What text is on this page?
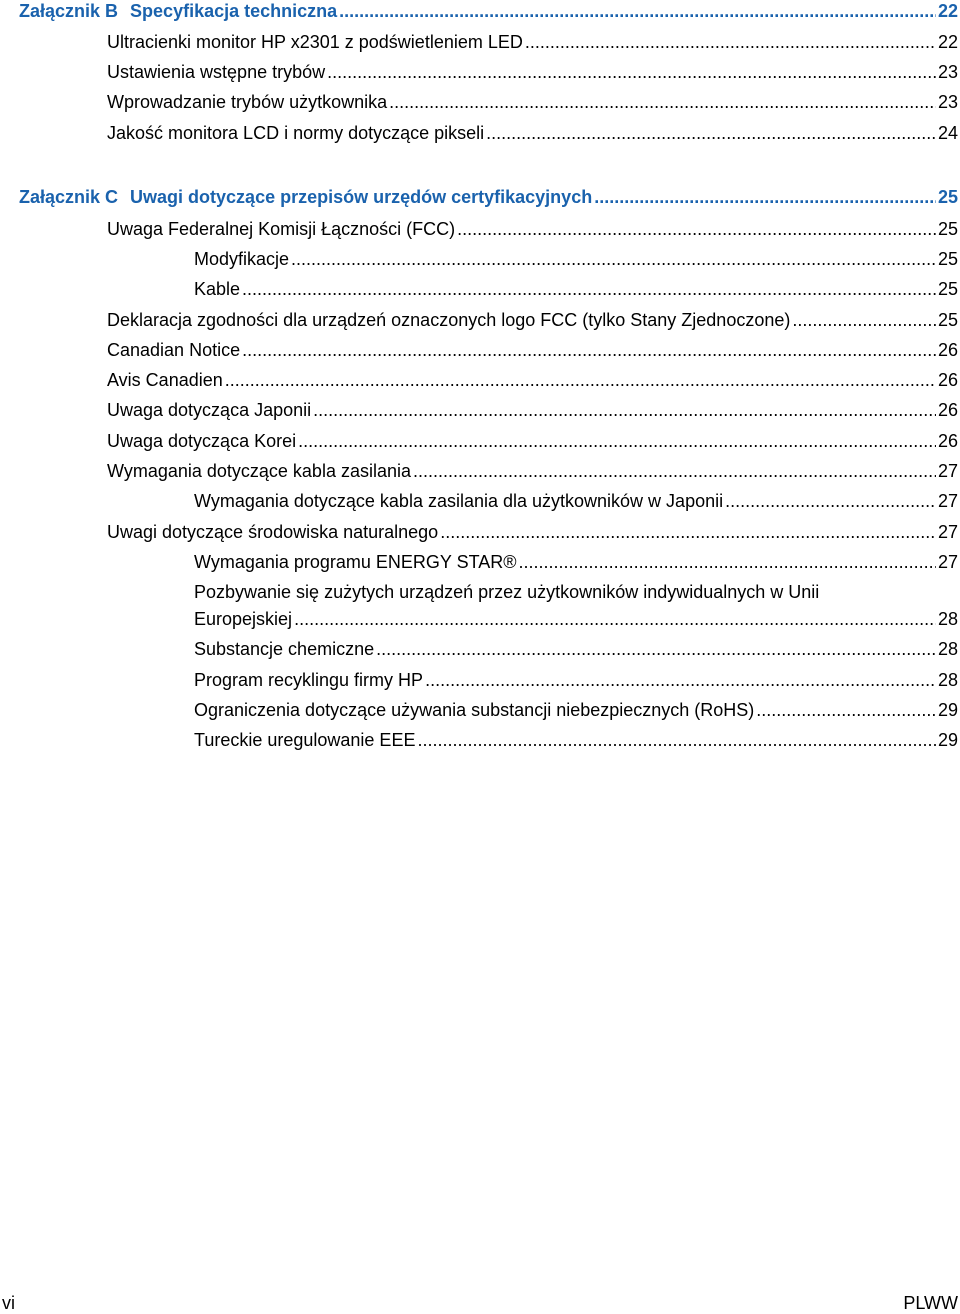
Załącznik B Specyfikacja techniczna .....	22
Ultracienki monitor HP x2301 z podświetleniem LED .....	22
Ustawienia wstępne trybów .....	23
Wprowadzanie trybów użytkownika .....	23
Jakość monitora LCD i normy dotyczące pikseli .....	24
Załącznik C Uwagi dotyczące przepisów urzędów certyfikacyjnych .....	25
Uwaga Federalnej Komisji Łączności (FCC) .....	25
Modyfikacje .....	25
Kable .....	25
Deklaracja zgodności dla urządzeń oznaczonych logo FCC (tylko Stany Zjednoczone) .....	25
Canadian Notice .....	26
Avis Canadien .....	26
Uwaga dotycząca Japonii .....	26
Uwaga dotycząca Korei .....	26
Wymagania dotyczące kabla zasilania .....	27
Wymagania dotyczące kabla zasilania dla użytkowników w Japonii .....	27
Uwagi dotyczące środowiska naturalnego .....	27
Wymagania programu ENERGY STAR® .....	27
Pozbywanie się zużytych urządzeń przez użytkowników indywidualnych w Unii
Europejskiej .....	28
Substancje chemiczne .....	28
Program recyklingu firmy HP .....	28
Ograniczenia dotyczące używania substancji niebezpiecznych (RoHS) .....	29
Tureckie uregulowanie EEE .....	29
vi	PLWW
